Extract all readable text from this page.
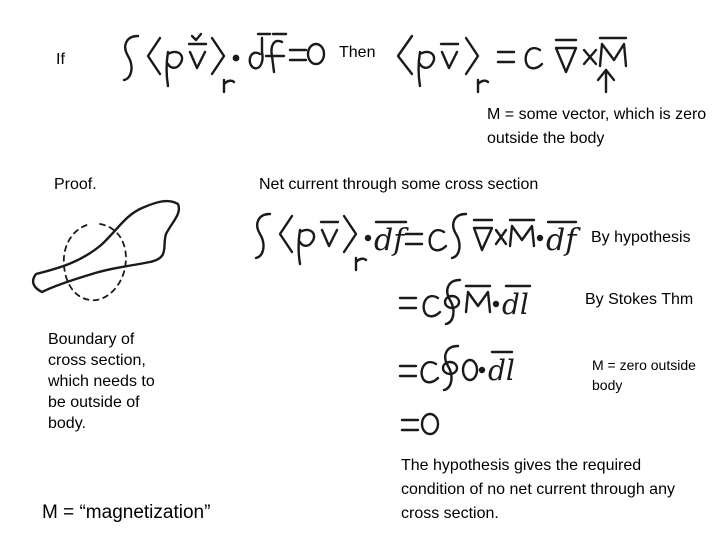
df	df
dl
dl
If	Then
M = some vector, which is zero outside the body
Proof.	Net current through some cross section
By hypothesis
By Stokes Thm
M = zero outside body
Boundary of cross section, which needs to be outside of body.
M = “magnetization”
The hypothesis gives the required condition of no net current through any cross section.
